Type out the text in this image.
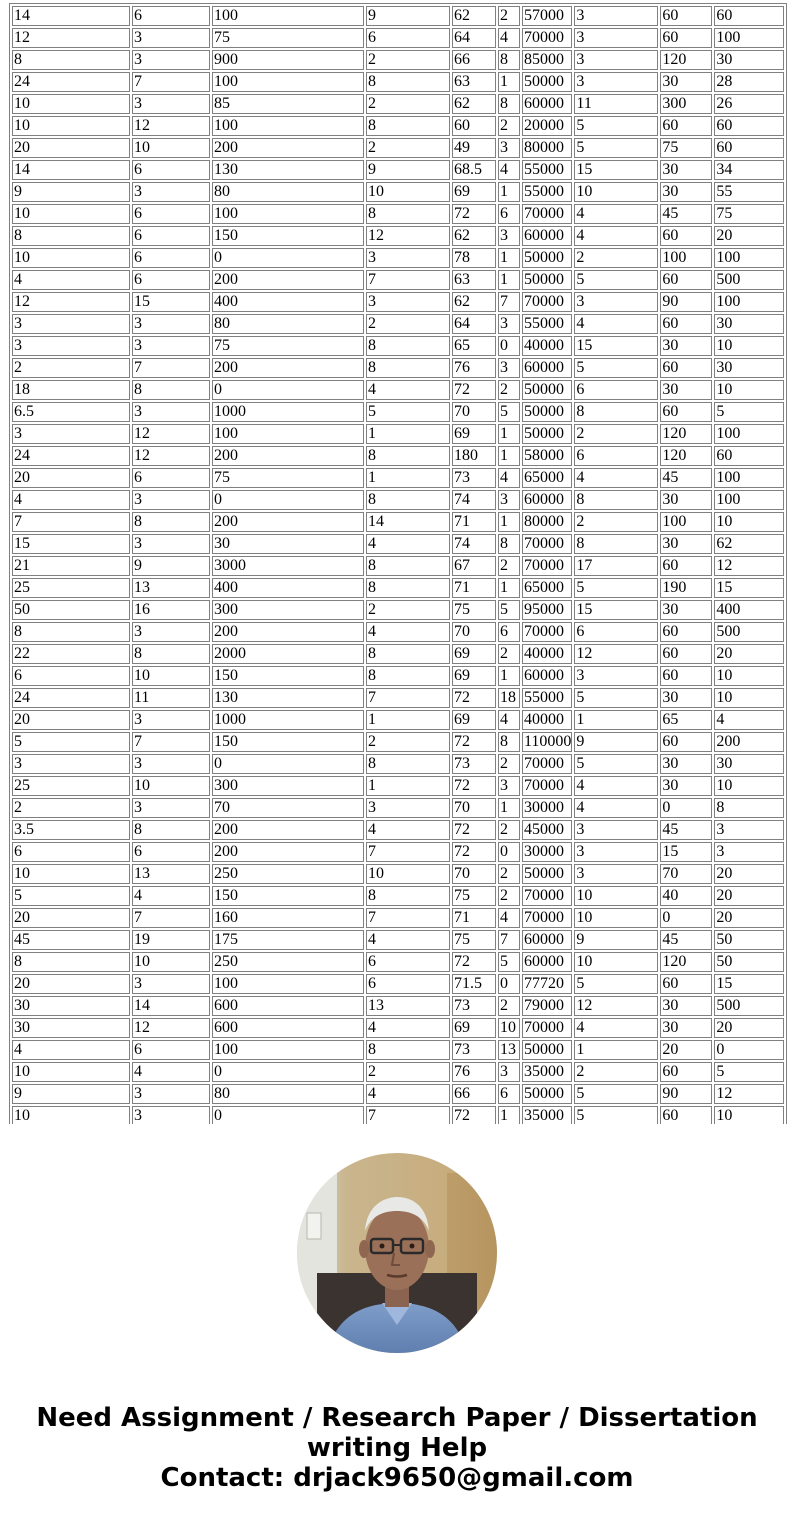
14	6	100	9	62	2	57000	3	60	60
12	3	75	6	64	4	70000	3	60	100
8	3	900	2	66	8	85000	3	120	30
24	7	100	8	63	1	50000	3	30	28
10	3	85	2	62	8	60000	11	300	26
10	12	100	8	60	2	20000	5	60	60
20	10	200	2	49	3	80000	5	75	60
14	6	130	9	68.5	4	55000	15	30	34
9	3	80	10	69	1	55000	10	30	55
10	6	100	8	72	6	70000	4	45	75
8	6	150	12	62	3	60000	4	60	20
10	6	0	3	78	1	50000	2	100	100
4	6	200	7	63	1	50000	5	60	500
12	15	400	3	62	7	70000	3	90	100
3	3	80	2	64	3	55000	4	60	30
3	3	75	8	65	0	40000	15	30	10
2	7	200	8	76	3	60000	5	60	30
18	8	0	4	72	2	50000	6	30	10
6.5	3	1000	5	70	5	50000	8	60	5
3	12	100	1	69	1	50000	2	120	100
24	12	200	8	180	1	58000	6	120	60
20	6	75	1	73	4	65000	4	45	100
4	3	0	8	74	3	60000	8	30	100
7	8	200	14	71	1	80000	2	100	10
15	3	30	4	74	8	70000	8	30	62
21	9	3000	8	67	2	70000	17	60	12
25	13	400	8	71	1	65000	5	190	15
50	16	300	2	75	5	95000	15	30	400
8	3	200	4	70	6	70000	6	60	500
22	8	2000	8	69	2	40000	12	60	20
6	10	150	8	69	1	60000	3	60	10
24	11	130	7	72	18	55000	5	30	10
20	3	1000	1	69	4	40000	1	65	4
5	7	150	2	72	8	110000	9	60	200
3	3	0	8	73	2	70000	5	30	30
25	10	300	1	72	3	70000	4	30	10
2	3	70	3	70	1	30000	4	0	8
3.5	8	200	4	72	2	45000	3	45	3
6	6	200	7	72	0	30000	3	15	3
10	13	250	10	70	2	50000	3	70	20
5	4	150	8	75	2	70000	10	40	20
20	7	160	7	71	4	70000	10	0	20
45	19	175	4	75	7	60000	9	45	50
8	10	250	6	72	5	60000	10	120	50
20	3	100	6	71.5	0	77720	5	60	15
30	14	600	13	73	2	79000	12	30	500
30	12	600	4	69	10	70000	4	30	20
4	6	100	8	73	13	50000	1	20	0
10	4	0	2	76	3	35000	2	60	5
9	3	80	4	66	6	50000	5	90	12
10	3	0	7	72	1	35000	5	60	10
Need Assignment / Research Paper / Dissertation
writing Help
Contact: drjack9650@gmail.com
